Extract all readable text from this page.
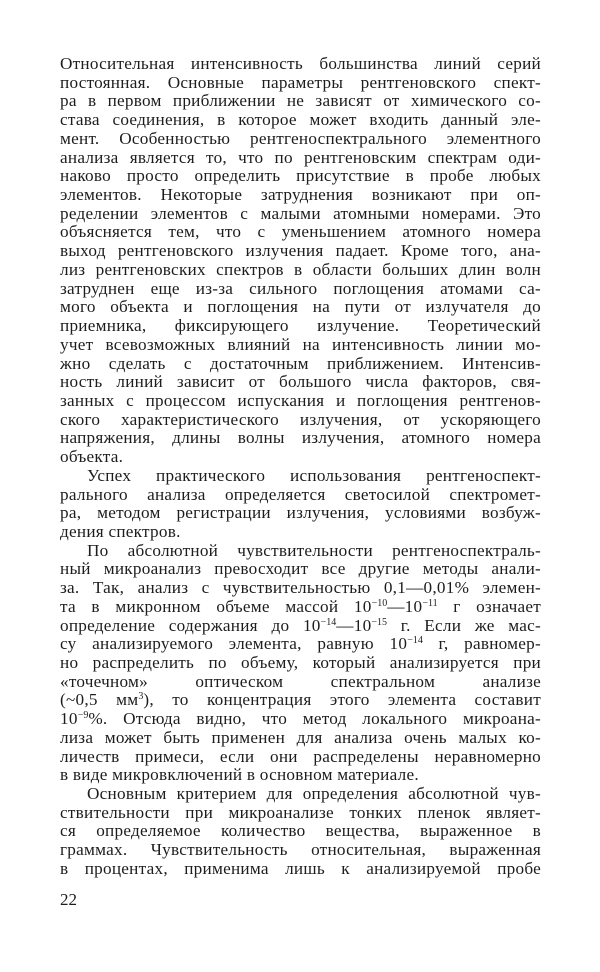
Относительная интенсивность большинства линий серий
постоянная. Основные параметры рентгеновского спект-
ра в первом приближении не зависят от химического со-
става соединения, в которое может входить данный эле-
мент. Особенностью рентгеноспектрального элементного
анализа является то, что по рентгеновским спектрам оди-
наково просто определить присутствие в пробе любых
элементов. Некоторые затруднения возникают при оп-
ределении элементов с малыми атомными номерами. Это
объясняется тем, что с уменьшением атомного номера
выход рентгеновского излучения падает. Кроме того, ана-
лиз рентгеновских спектров в области больших длин волн
затруднен еще из-за сильного поглощения атомами са-
мого объекта и поглощения на пути от излучателя до
приемника, фиксирующего излучение. Теоретический
учет всевозможных влияний на интенсивность линии мо-
жно сделать с достаточным приближением. Интенсив-
ность линий зависит от большого числа факторов, свя-
занных с процессом испускания и поглощения рентгенов-
ского характеристического излучения, от ускоряющего
напряжения, длины волны излучения, атомного номера
объекта.
Успех практического использования рентгеноспект-
рального анализа определяется светосилой спектромет-
ра, методом регистрации излучения, условиями возбуж-
дения спектров.
По абсолютной чувствительности рентгеноспектраль-
ный микроанализ превосходит все другие методы анали-
за. Так, анализ с чувствительностью 0,1—0,01% элемен-
та в микронном объеме массой $10^{-10}—10^{-11}$ г означает
определение содержания до $10^{-14}—10^{-15}$ г. Если же мас-
су анализируемого элемента, равную $10^{-14}$ г, равномер-
но распределить по объему, который анализируется при
«точечном» оптическом спектральном анализе
(~0,5 $мм^3$), то концентрация этого элемента составит
$10^{-9}\%$. Отсюда видно, что метод локального микроана-
лиза может быть применен для анализа очень малых ко-
личеств примеси, если они распределены неравномерно
в виде микровключений в основном материале.
Основным критерием для определения абсолютной чув-
ствительности при микроанализе тонких пленок являет-
ся определяемое количество вещества, выраженное в
граммах. Чувствительность относительная, выраженная
в процентах, применима лишь к анализируемой пробе
22
